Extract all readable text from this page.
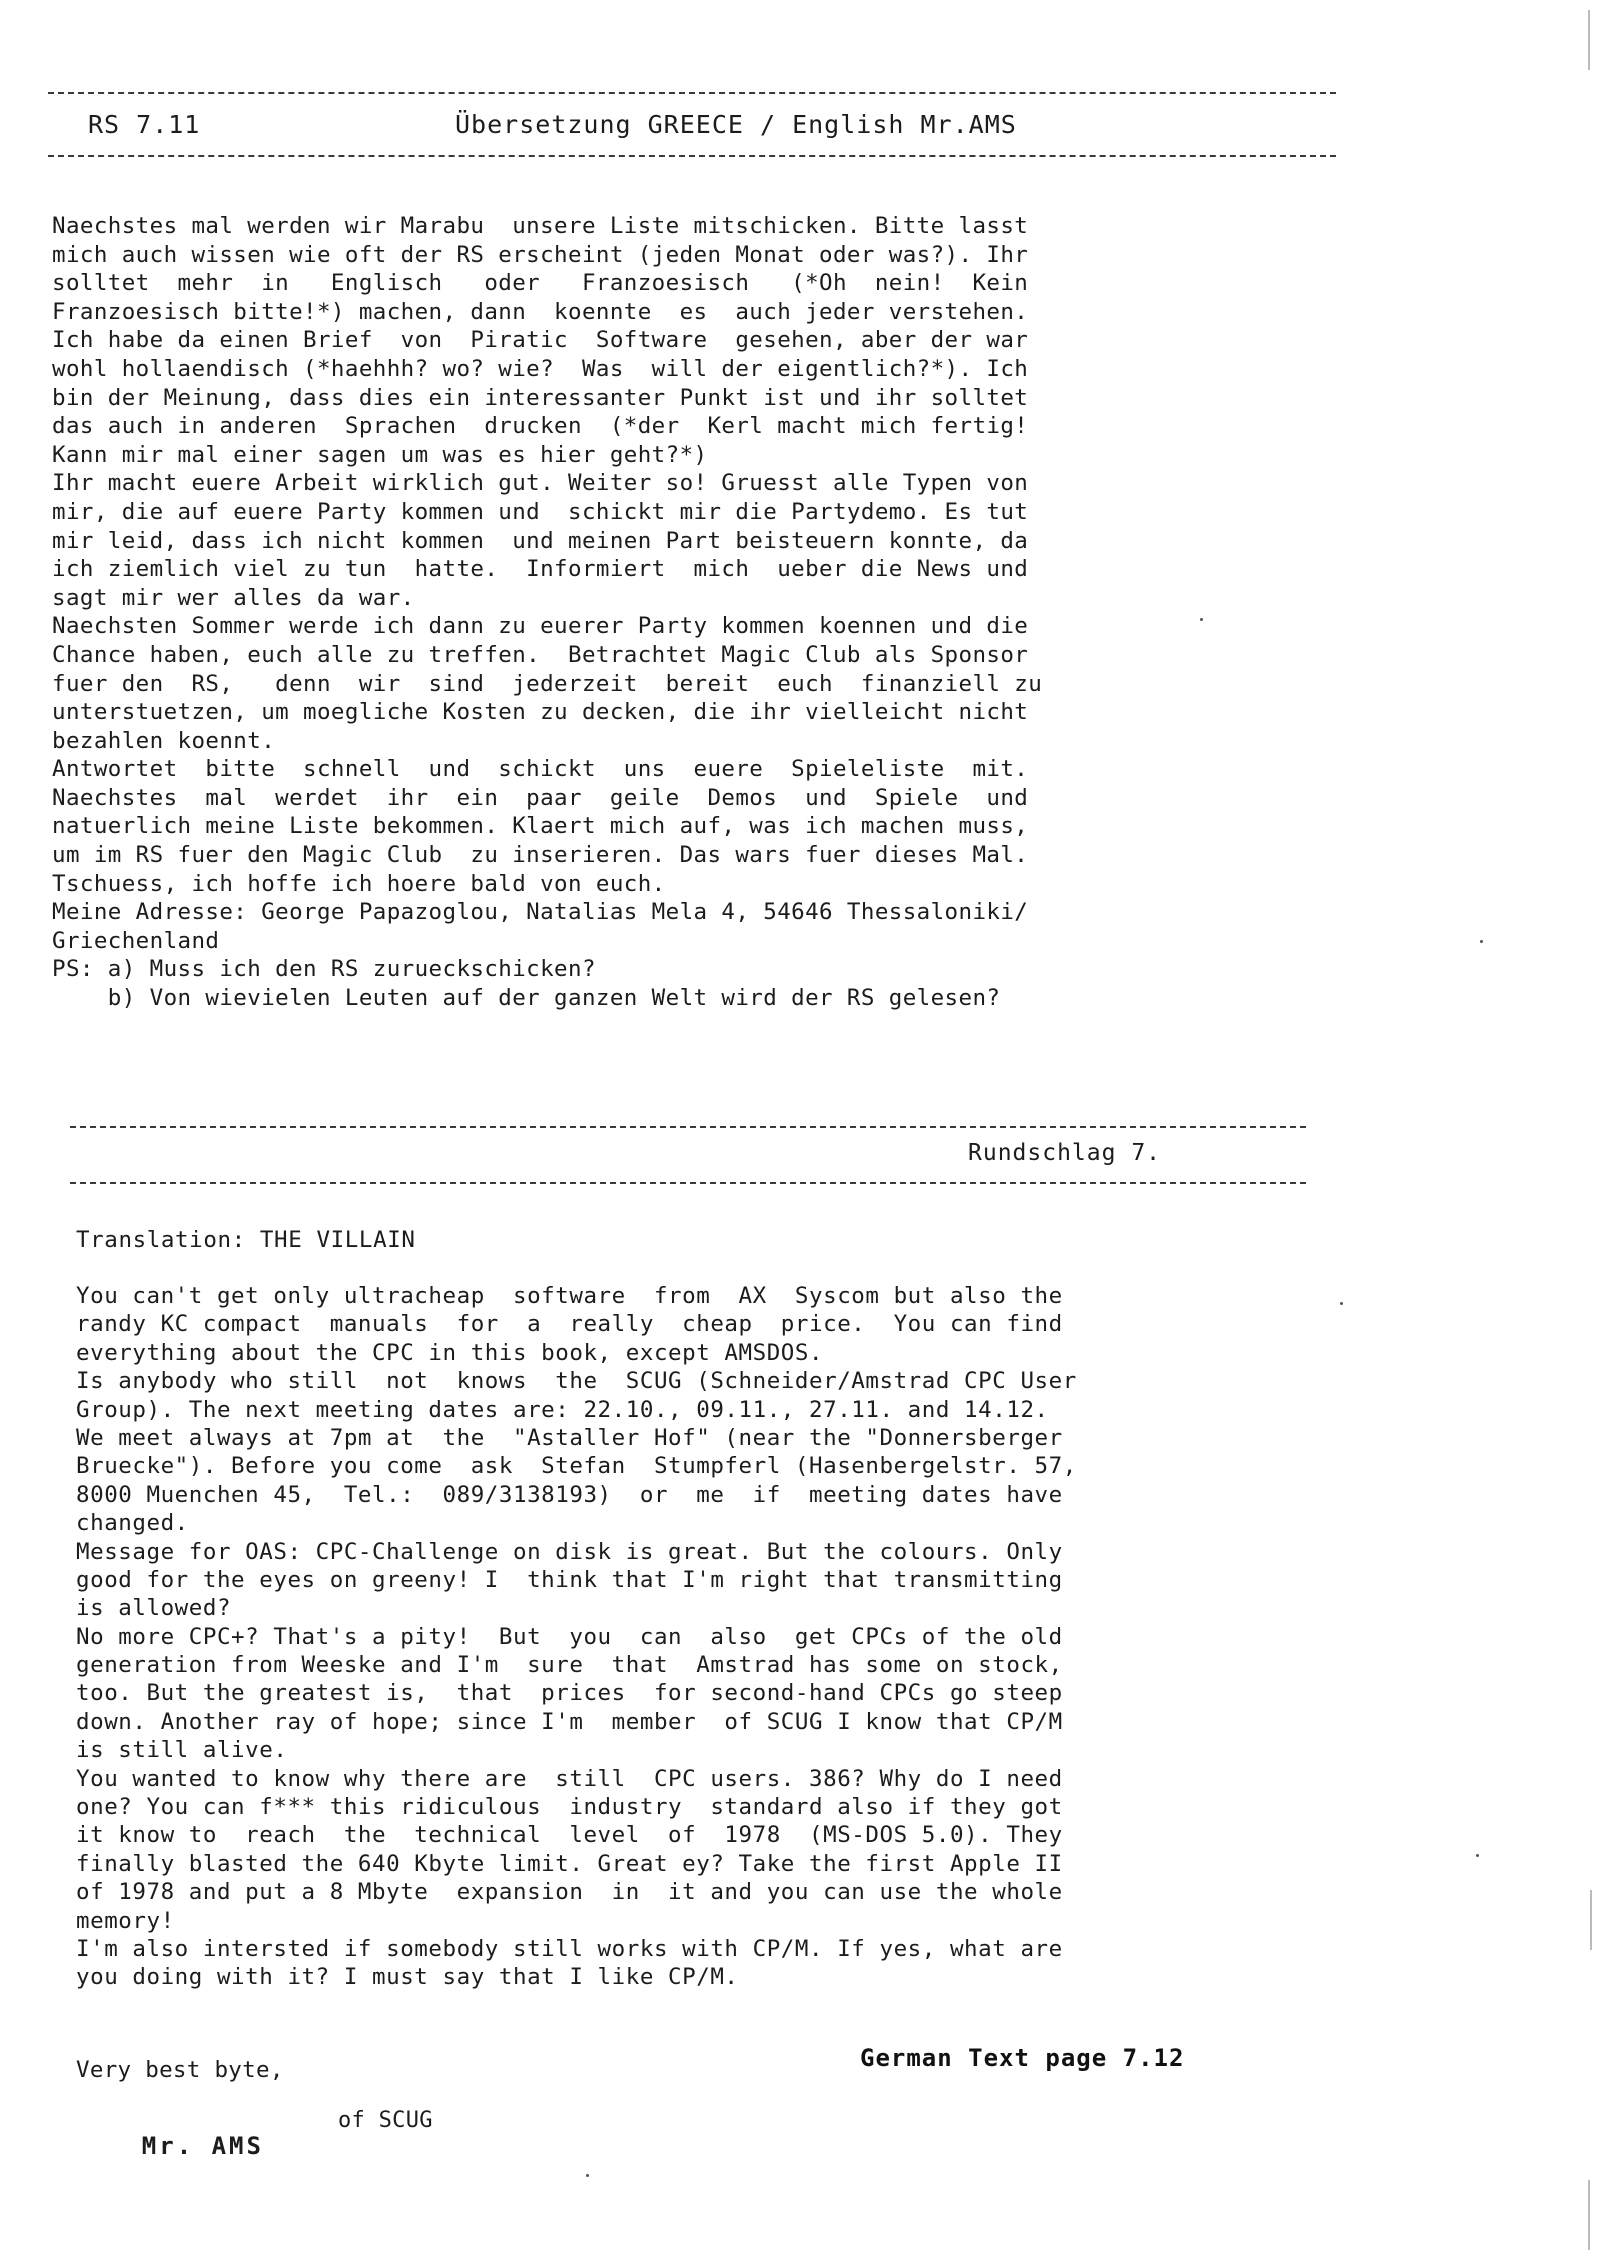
RS 7.11	Übersetzung GREECE / English Mr.AMS
Naechstes mal werden wir Marabu  unsere Liste mitschicken. Bitte lasst
mich auch wissen wie oft der RS erscheint (jeden Monat oder was?). Ihr
solltet  mehr  in   Englisch   oder   Franzoesisch   (*Oh  nein!  Kein
Franzoesisch bitte!*) machen, dann  koennte  es  auch jeder verstehen.
Ich habe da einen Brief  von  Piratic  Software  gesehen, aber der war
wohl hollaendisch (*haehhh? wo? wie?  Was  will der eigentlich?*). Ich
bin der Meinung, dass dies ein interessanter Punkt ist und ihr solltet
das auch in anderen  Sprachen  drucken  (*der  Kerl macht mich fertig!
Kann mir mal einer sagen um was es hier geht?*)
Ihr macht euere Arbeit wirklich gut. Weiter so! Gruesst alle Typen von
mir, die auf euere Party kommen und  schickt mir die Partydemo. Es tut
mir leid, dass ich nicht kommen  und meinen Part beisteuern konnte, da
ich ziemlich viel zu tun  hatte.  Informiert  mich  ueber die News und
sagt mir wer alles da war.
Naechsten Sommer werde ich dann zu euerer Party kommen koennen und die
Chance haben, euch alle zu treffen.  Betrachtet Magic Club als Sponsor
fuer den  RS,   denn  wir  sind  jederzeit  bereit  euch  finanziell zu
unterstuetzen, um moegliche Kosten zu decken, die ihr vielleicht nicht
bezahlen koennt.
Antwortet  bitte  schnell  und  schickt  uns  euere  Spieleliste  mit.
Naechstes  mal  werdet  ihr  ein  paar  geile  Demos  und  Spiele  und
natuerlich meine Liste bekommen. Klaert mich auf, was ich machen muss,
um im RS fuer den Magic Club  zu inserieren. Das wars fuer dieses Mal.
Tschuess, ich hoffe ich hoere bald von euch.
Meine Adresse: George Papazoglou, Natalias Mela 4, 54646 Thessaloniki/
Griechenland
PS: a) Muss ich den RS zurueckschicken?
b) Von wievielen Leuten auf der ganzen Welt wird der RS gelesen?
Rundschlag 7.
Translation: THE VILLAIN
You can't get only ultracheap  software  from  AX  Syscom but also the
randy KC compact  manuals  for  a  really  cheap  price.  You can find
everything about the CPC in this book, except AMSDOS.
Is anybody who still  not  knows  the  SCUG (Schneider/Amstrad CPC User
Group). The next meeting dates are: 22.10., 09.11., 27.11. and 14.12.
We meet always at 7pm at  the  "Astaller Hof" (near the "Donnersberger
Bruecke"). Before you come  ask  Stefan  Stumpferl (Hasenbergelstr. 57,
8000 Muenchen 45,  Tel.:  089/3138193)  or  me  if  meeting dates have
changed.
Message for OAS: CPC-Challenge on disk is great. But the colours. Only
good for the eyes on greeny! I  think that I'm right that transmitting
is allowed?
No more CPC+? That's a pity!  But  you  can  also  get CPCs of the old
generation from Weeske and I'm  sure  that  Amstrad has some on stock,
too. But the greatest is,  that  prices  for second-hand CPCs go steep
down. Another ray of hope; since I'm  member  of SCUG I know that CP/M
is still alive.
You wanted to know why there are  still  CPC users. 386? Why do I need
one? You can f*** this ridiculous  industry  standard also if they got
it know to  reach  the  technical  level  of  1978  (MS-DOS 5.0). They
finally blasted the 640 Kbyte limit. Great ey? Take the first Apple II
of 1978 and put a 8 Mbyte  expansion  in  it and you can use the whole
memory!
I'm also intersted if somebody still works with CP/M. If yes, what are
you doing with it? I must say that I like CP/M.
Very best byte,	German Text page 7.12

Mr. AMS

of SCUG
